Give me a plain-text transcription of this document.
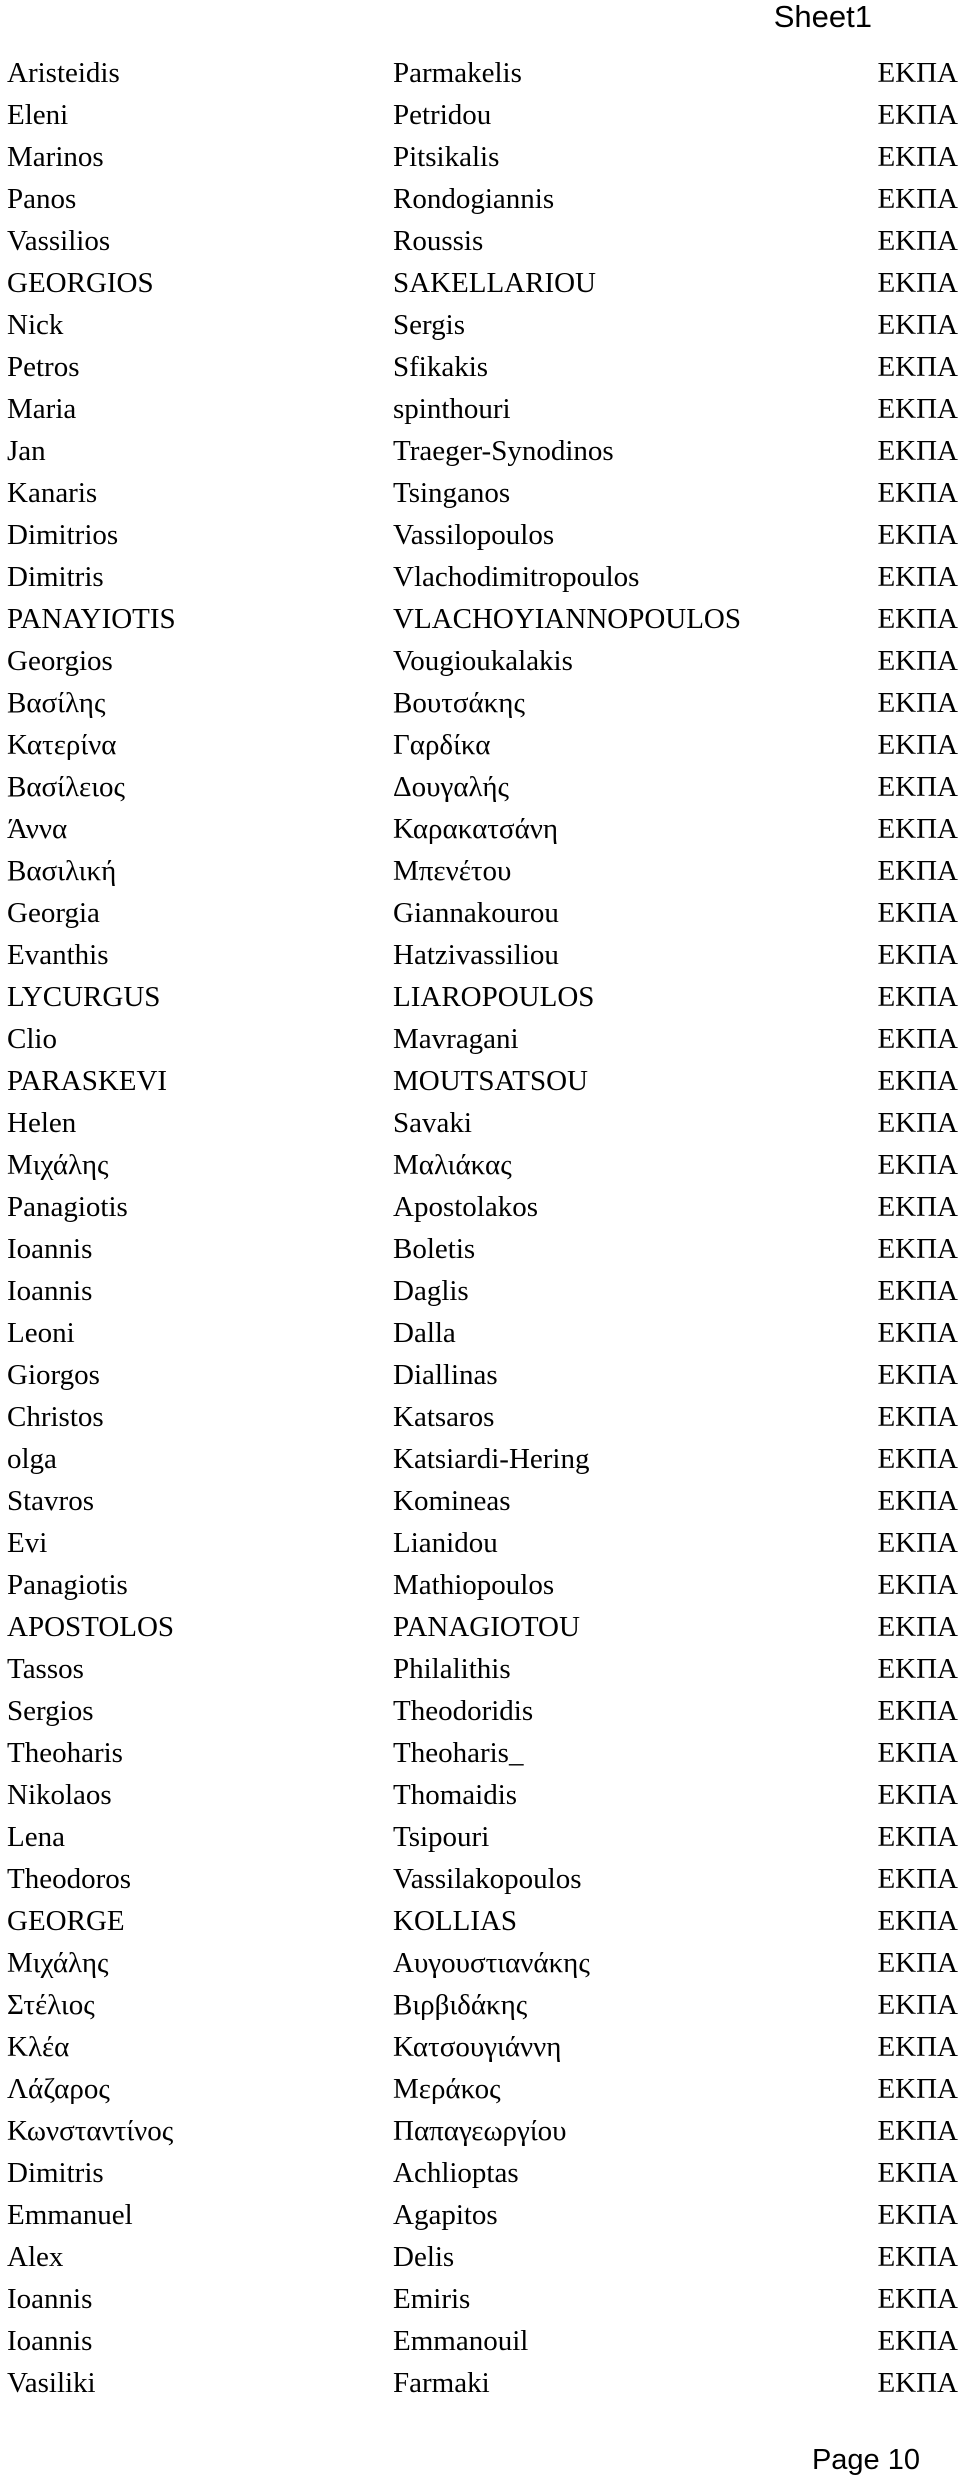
Sheet1
Aristeidis	Parmakelis	ΕΚΠΑ
Eleni	Petridou	ΕΚΠΑ
Marinos	Pitsikalis	ΕΚΠΑ
Panos	Rondogiannis	ΕΚΠΑ
Vassilios	Roussis	ΕΚΠΑ
GEORGIOS	SAKELLARIOU	ΕΚΠΑ
Nick	Sergis	ΕΚΠΑ
Petros	Sfikakis	ΕΚΠΑ
Maria	spinthouri	ΕΚΠΑ
Jan	Traeger-Synodinos	ΕΚΠΑ
Kanaris	Tsinganos	ΕΚΠΑ
Dimitrios	Vassilopoulos	ΕΚΠΑ
Dimitris	Vlachodimitropoulos	ΕΚΠΑ
PANAYIOTIS	VLACHOYIANNOPOULOS	ΕΚΠΑ
Georgios	Vougioukalakis	ΕΚΠΑ
Βασίλης	Βουτσάκης	ΕΚΠΑ
Κατερίνα	Γαρδίκα	ΕΚΠΑ
Βασίλειος	Δουγαλής	ΕΚΠΑ
Άννα	Καρακατσάνη	ΕΚΠΑ
Βασιλική	Μπενέτου	ΕΚΠΑ
Georgia	Giannakourou	ΕΚΠΑ
Evanthis	Hatzivassiliou	ΕΚΠΑ
LYCURGUS	LIAROPOULOS	ΕΚΠΑ
Clio	Mavragani	ΕΚΠΑ
PARASKEVI	MOUTSATSOU	ΕΚΠΑ
Helen	Savaki	ΕΚΠΑ
Μιχάλης	Μαλιάκας	ΕΚΠΑ
Panagiotis	Apostolakos	ΕΚΠΑ
Ioannis	Boletis	ΕΚΠΑ
Ioannis	Daglis	ΕΚΠΑ
Leoni	Dalla	ΕΚΠΑ
Giorgos	Diallinas	ΕΚΠΑ
Christos	Katsaros	ΕΚΠΑ
olga	Katsiardi-Hering	ΕΚΠΑ
Stavros	Komineas	ΕΚΠΑ
Evi	Lianidou	ΕΚΠΑ
Panagiotis	Mathiopoulos	ΕΚΠΑ
APOSTOLOS	PANAGIOTOU	ΕΚΠΑ
Tassos	Philalithis	ΕΚΠΑ
Sergios	Theodoridis	ΕΚΠΑ
Theoharis	Theoharis_	ΕΚΠΑ
Nikolaos	Thomaidis	ΕΚΠΑ
Lena	Tsipouri	ΕΚΠΑ
Theodoros	Vassilakopoulos	ΕΚΠΑ
GEORGE	KOLLIAS	ΕΚΠΑ
Μιχάλης	Αυγουστιανάκης	ΕΚΠΑ
Στέλιος	Βιρβιδάκης	ΕΚΠΑ
Κλέα	Κατσουγιάννη	ΕΚΠΑ
Λάζαρος	Μεράκος	ΕΚΠΑ
Κωνσταντίνος	Παπαγεωργίου	ΕΚΠΑ
Dimitris	Achlioptas	ΕΚΠΑ
Emmanuel	Agapitos	ΕΚΠΑ
Alex	Delis	ΕΚΠΑ
Ioannis	Emiris	ΕΚΠΑ
Ioannis	Emmanouil	ΕΚΠΑ
Vasiliki	Farmaki	ΕΚΠΑ
Page 10
